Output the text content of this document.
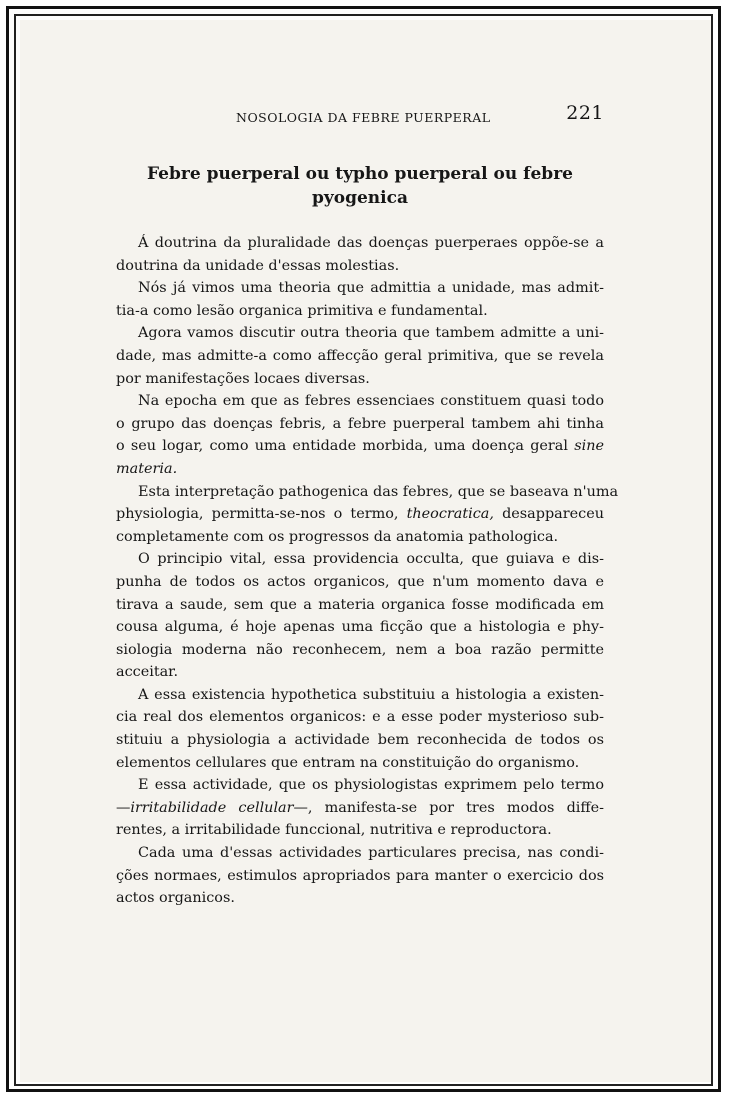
NOSOLOGIA DA FEBRE PUERPERAL	221
Febre puerperal ou typho puerperal ou febre
pyogenica
Á doutrina da pluralidade das doenças puerperaes oppõe-se a
doutrina da unidade d'essas molestias.
Nós já vimos uma theoria que admittia a unidade, mas admit-
tia-a como lesão organica primitiva e fundamental.
Agora vamos discutir outra theoria que tambem admitte a uni-
dade, mas admitte-a como affecção geral primitiva, que se revela
por manifestações locaes diversas.
Na epocha em que as febres essenciaes constituem quasi todo
o grupo das doenças febris, a febre puerperal tambem ahi tinha
o seu logar, como uma entidade morbida, uma doença geral sine
materia.
Esta interpretação pathogenica das febres, que se baseava n'uma
physiologia, permitta-se-nos o termo, theocratica, desappareceu
completamente com os progressos da anatomia pathologica.
O principio vital, essa providencia occulta, que guiava e dis-
punha de todos os actos organicos, que n'um momento dava e
tirava a saude, sem que a materia organica fosse modificada em
cousa alguma, é hoje apenas uma ficção que a histologia e phy-
siologia moderna não reconhecem, nem a boa razão permitte
acceitar.
A essa existencia hypothetica substituiu a histologia a existen-
cia real dos elementos organicos: e a esse poder mysterioso sub-
stituiu a physiologia a actividade bem reconhecida de todos os
elementos cellulares que entram na constituição do organismo.
E essa actividade, que os physiologistas exprimem pelo termo
—irritabilidade cellular—, manifesta-se por tres modos diffe-
rentes, a irritabilidade funccional, nutritiva e reproductora.
Cada uma d'essas actividades particulares precisa, nas condi-
ções normaes, estimulos apropriados para manter o exercicio dos
actos organicos.
